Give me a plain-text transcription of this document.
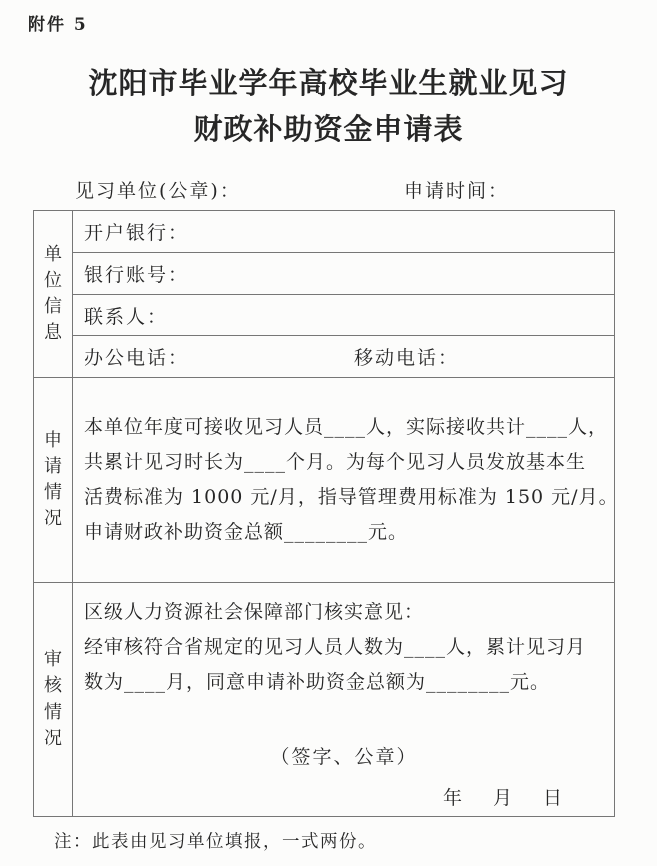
附件 5
沈阳市毕业学年高校毕业生就业见习
财政补助资金申请表
见习单位(公章)：	申请时间：
单位信息
开户银行：
银行账号：
联系人：
办公电话：	移动电话：
申请情况
本单位年度可接收见习人员____人，实际接收共计____人，
共累计见习时长为____个月。为每个见习人员发放基本生
活费标准为 1000 元/月，指导管理费用标准为 150 元/月。
申请财政补助资金总额________元。
审核情况
区级人力资源社会保障部门核实意见：
经审核符合省规定的见习人员人数为____人，累计见习月
数为____月，同意申请补助资金总额为________元。
（签字、公章）
年　月　日
注：此表由见习单位填报，一式两份。
